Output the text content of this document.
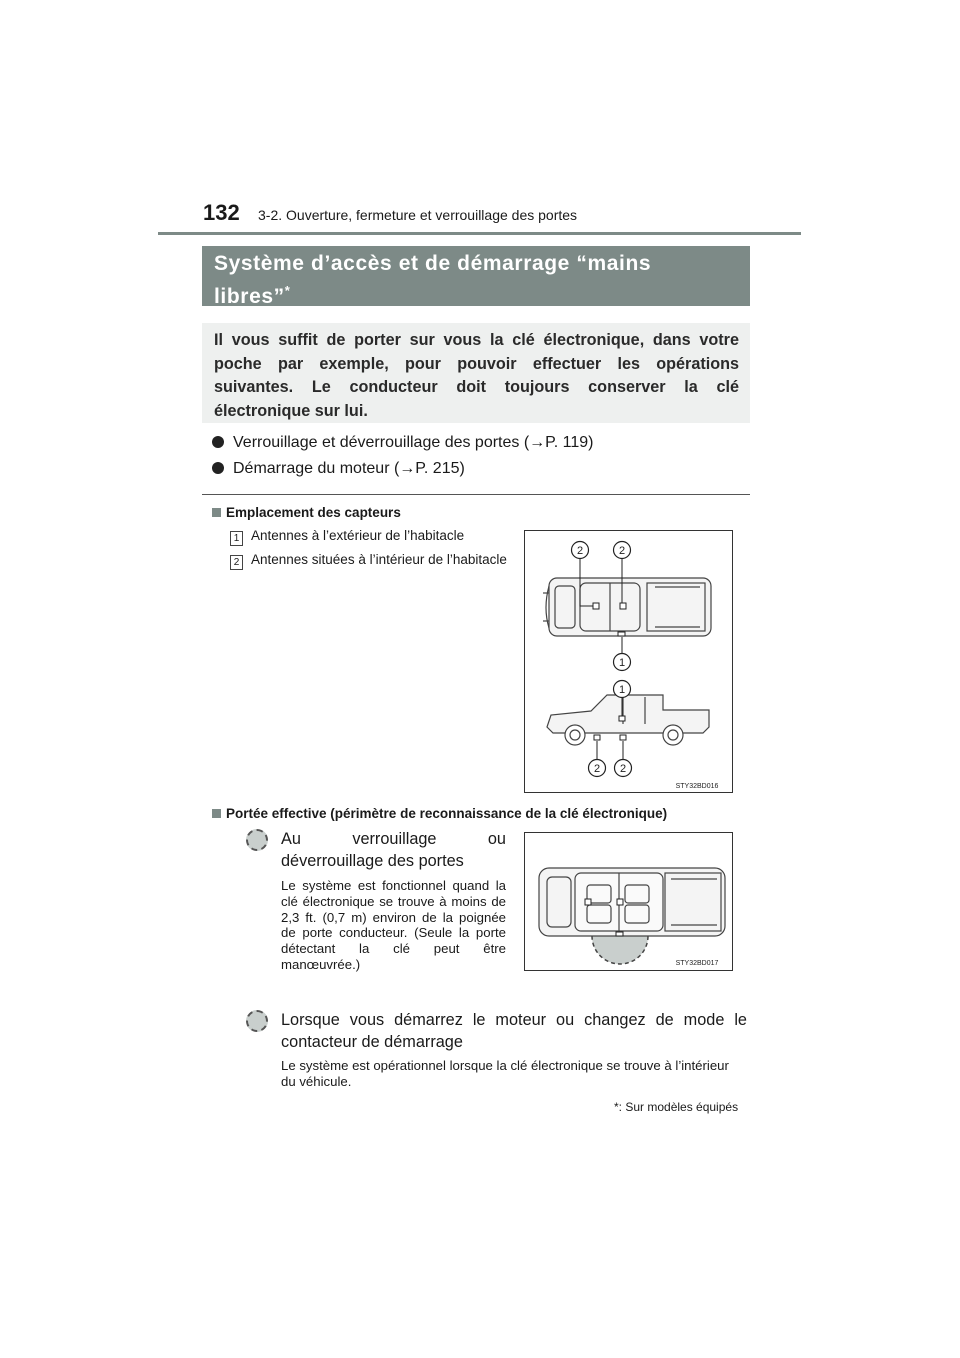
132 3-2. Ouverture, fermeture et verrouillage des portes
Système d’accès et de démarrage “mains
libres”*
Il vous suffit de porter sur vous la clé électronique, dans votre poche par exemple, pour pouvoir effectuer les opérations suivantes. Le conducteur doit toujours conserver la clé électronique sur lui.
Verrouillage et déverrouillage des portes (→P. 119)
Démarrage du moteur (→P. 215)
Emplacement des capteurs
1 Antennes à l’extérieur de l’habitacle
2 Antennes situées à l’intérieur de l’habitacle
2	2
1
1
2 2
STY32BD016
Portée effective (périmètre de reconnaissance de la clé électronique)
Au verrouillage ou déverrouillage des portes
Le système est fonctionnel quand la clé électronique se trouve à moins de 2,3 ft. (0,7 m) environ de la poignée de porte conducteur. (Seule la porte détectant la clé peut être manœuvrée.)	STY32BD017
Lorsque vous démarrez le moteur ou changez de mode le contacteur de démarrage
Le système est opérationnel lorsque la clé électronique se trouve à l’intérieur du véhicule.
*: Sur modèles équipés
